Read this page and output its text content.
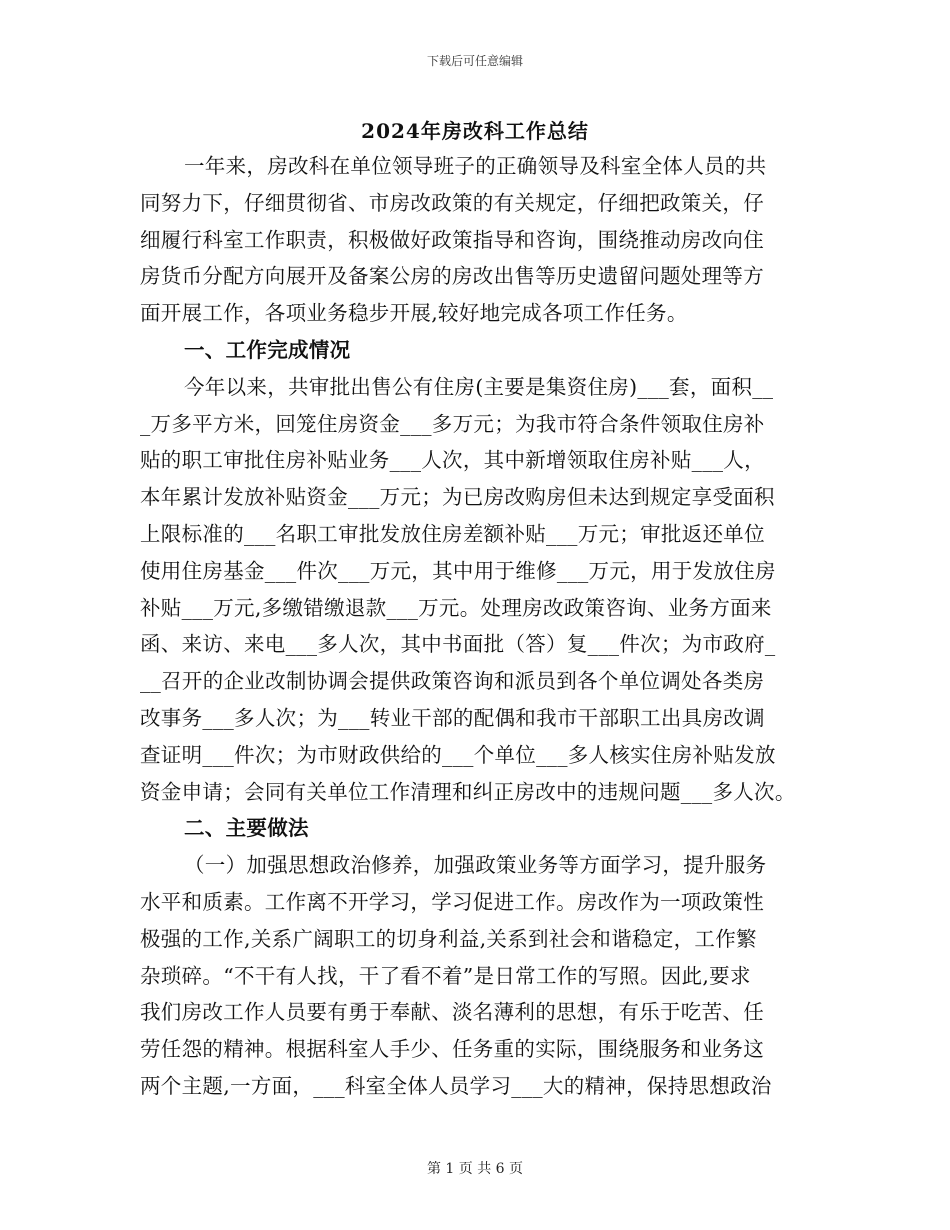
下载后可任意编辑
2024年房改科工作总结
一年来，房改科在单位领导班子的正确领导及科室全体人员的共
同努力下，仔细贯彻省、市房改政策的有关规定，仔细把政策关，仔
细履行科室工作职责，积极做好政策指导和咨询，围绕推动房改向住
房货币分配方向展开及备案公房的房改出售等历史遗留问题处理等方
面开展工作，各项业务稳步开展,较好地完成各项工作任务。
一、工作完成情况
今年以来，共审批出售公有住房(主要是集资住房)___套，面积__
_万多平方米，回笼住房资金___多万元；为我市符合条件领取住房补
贴的职工审批住房补贴业务___人次，其中新增领取住房补贴___人，
本年累计发放补贴资金___万元；为已房改购房但未达到规定享受面积
上限标准的___名职工审批发放住房差额补贴___万元；审批返还单位
使用住房基金___件次___万元，其中用于维修___万元，用于发放住房
补贴___万元,多缴错缴退款___万元。处理房改政策咨询、业务方面来
函、来访、来电___多人次，其中书面批（答）复___件次；为市政府_
__召开的企业改制协调会提供政策咨询和派员到各个单位调处各类房
改事务___多人次；为___转业干部的配偶和我市干部职工出具房改调
查证明___件次；为市财政供给的___个单位___多人核实住房补贴发放
资金申请；会同有关单位工作清理和纠正房改中的违规问题___多人次。
二、主要做法
（一）加强思想政治修养，加强政策业务等方面学习，提升服务
水平和质素。工作离不开学习，学习促进工作。房改作为一项政策性
极强的工作,关系广阔职工的切身利益,关系到社会和谐稳定，工作繁
杂琐碎。“不干有人找，干了看不着”是日常工作的写照。因此,要求
我们房改工作人员要有勇于奉献、淡名薄利的思想，有乐于吃苦、任
劳任怨的精神。根据科室人手少、任务重的实际，围绕服务和业务这
两个主题,一方面，___科室全体人员学习___大的精神，保持思想政治
第 1 页 共 6 页
